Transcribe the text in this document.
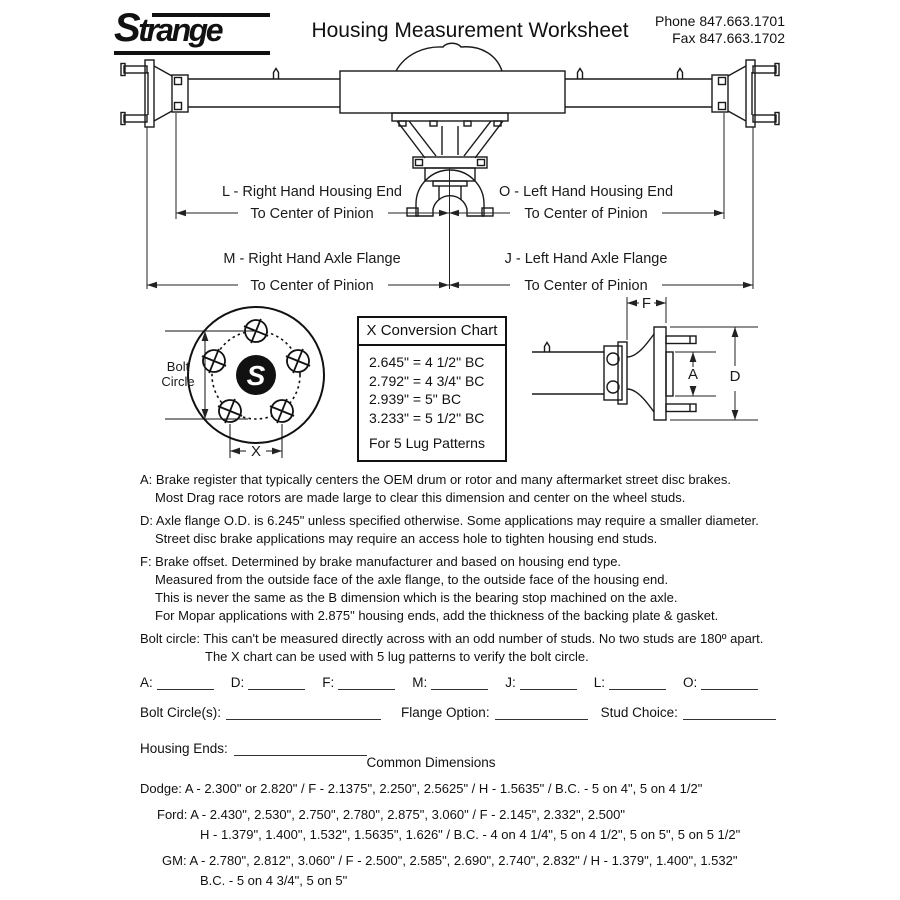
L - Right Hand Housing End	O - Left Hand Housing End
To Center of Pinion	To Center of Pinion
M - Right Hand Axle Flange	J - Left Hand Axle Flange
To Center of Pinion	To Center of Pinion
S
Bolt
Circle
X
F
A D
Strange	Housing Measurement Worksheet	Phone 847.663.1701
Fax 847.663.1702
X Conversion Chart
2.645" = 4 1/2" BC
2.792" = 4 3/4" BC
2.939" = 5" BC
3.233" = 5 1/2" BC
For 5 Lug Patterns
A: Brake register that typically centers the OEM drum or rotor and many aftermarket street disc brakes.
Most Drag race rotors are made large to clear this dimension and center on the wheel studs.
D: Axle flange O.D. is 6.245" unless specified otherwise. Some applications may require a smaller diameter.
Street disc brake applications may require an access hole to tighten housing end studs.
F: Brake offset. Determined by brake manufacturer and based on housing end type.
Measured from the outside face of the axle flange, to the outside face of the housing end.
This is never the same as the B dimension which is the bearing stop machined on the axle.
For Mopar applications with 2.875" housing ends, add the thickness of the backing plate & gasket.
Bolt circle: This can't be measured directly across with an odd number of studs. No two studs are 180º apart.
The X chart can be used with 5 lug patterns to verify the bolt circle.
A:	D:	F:	M:	J:	L:	O:
Bolt Circle(s):	Flange Option:	Stud Choice:
Housing Ends:
Common Dimensions
Dodge: A - 2.300" or 2.820" / F - 2.1375", 2.250", 2.5625" / H - 1.5635" / B.C. - 5 on 4", 5 on 4 1/2"
Ford: A - 2.430", 2.530", 2.750", 2.780", 2.875", 3.060" / F - 2.145", 2.332", 2.500"
H - 1.379", 1.400", 1.532", 1.5635", 1.626" / B.C. - 4 on 4 1/4", 5 on 4 1/2", 5 on 5", 5 on 5 1/2"
GM: A - 2.780", 2.812", 3.060" / F - 2.500", 2.585", 2.690", 2.740", 2.832" / H - 1.379", 1.400", 1.532"
B.C. - 5 on 4 3/4", 5 on 5"
